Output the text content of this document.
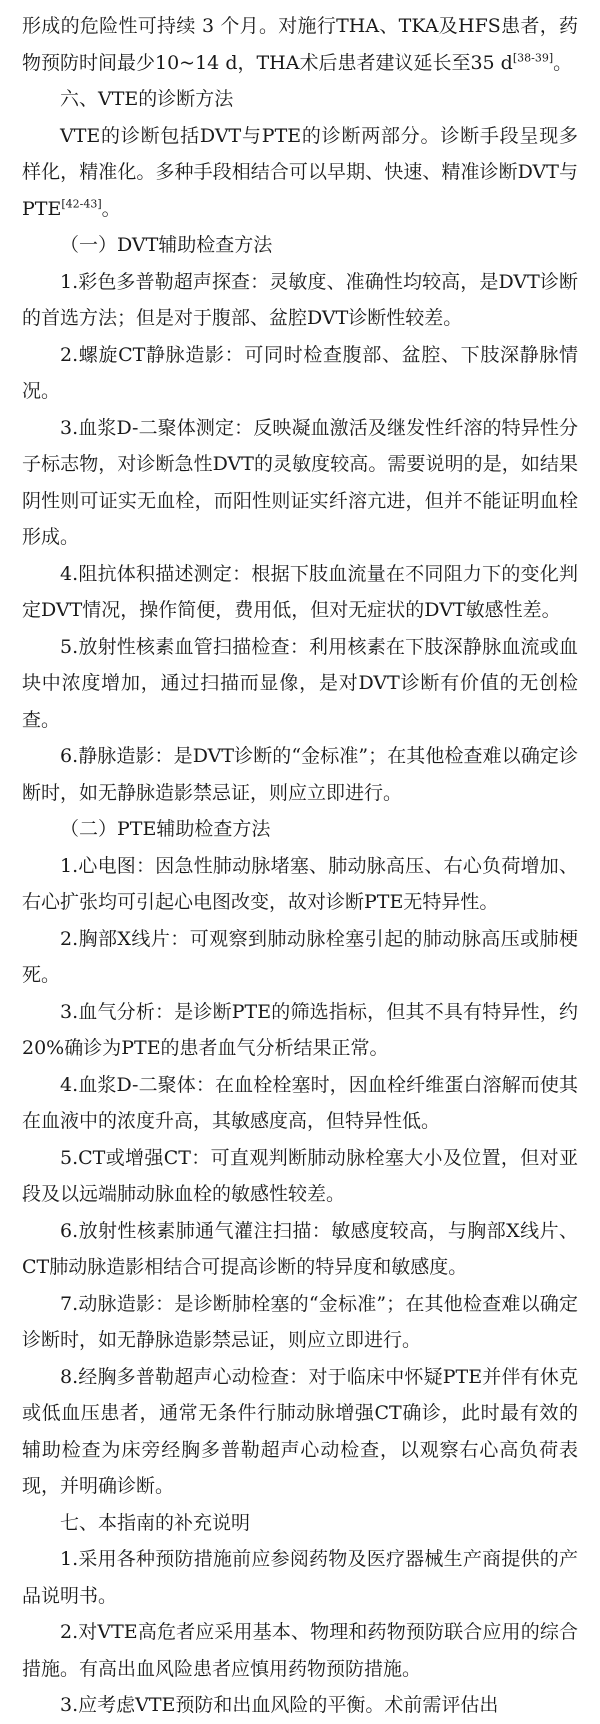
形成的危险性可持续 3 个月。对施行THA、TKA及HFS患者，药物预防时间最少10~14 d，THA术后患者建议延长至35 d[38-39]。

六、VTE的诊断方法

VTE的诊断包括DVT与PTE的诊断两部分。诊断手段呈现多样化，精准化。多种手段相结合可以早期、快速、精准诊断DVT与PTE[42-43]。

（一）DVT辅助检查方法

1.彩色多普勒超声探查：灵敏度、准确性均较高，是DVT诊断的首选方法；但是对于腹部、盆腔DVT诊断性较差。

2.螺旋CT静脉造影：可同时检查腹部、盆腔、下肢深静脉情况。

3.血浆D-二聚体测定：反映凝血激活及继发性纤溶的特异性分子标志物，对诊断急性DVT的灵敏度较高。需要说明的是，如结果阴性则可证实无血栓，而阳性则证实纤溶亢进，但并不能证明血栓形成。

4.阻抗体积描述测定：根据下肢血流量在不同阻力下的变化判定DVT情况，操作简便，费用低，但对无症状的DVT敏感性差。

5.放射性核素血管扫描检查：利用核素在下肢深静脉血流或血块中浓度增加，通过扫描而显像，是对DVT诊断有价值的无创检查。

6.静脉造影：是DVT诊断的“金标准”；在其他检查难以确定诊断时，如无静脉造影禁忌证，则应立即进行。

（二）PTE辅助检查方法

1.心电图：因急性肺动脉堵塞、肺动脉高压、右心负荷增加、右心扩张均可引起心电图改变，故对诊断PTE无特异性。

2.胸部X线片：可观察到肺动脉栓塞引起的肺动脉高压或肺梗死。

3.血气分析：是诊断PTE的筛选指标，但其不具有特异性，约20%确诊为PTE的患者血气分析结果正常。

4.血浆D-二聚体：在血栓栓塞时，因血栓纤维蛋白溶解而使其在血液中的浓度升高，其敏感度高，但特异性低。

5.CT或增强CT：可直观判断肺动脉栓塞大小及位置，但对亚段及以远端肺动脉血栓的敏感性较差。

6.放射性核素肺通气灌注扫描：敏感度较高，与胸部X线片、CT肺动脉造影相结合可提高诊断的特异度和敏感度。

7.动脉造影：是诊断肺栓塞的“金标准”；在其他检查难以确定诊断时，如无静脉造影禁忌证，则应立即进行。

8.经胸多普勒超声心动检查：对于临床中怀疑PTE并伴有休克或低血压患者，通常无条件行肺动脉增强CT确诊，此时最有效的辅助检查为床旁经胸多普勒超声心动检查，以观察右心高负荷表现，并明确诊断。

七、本指南的补充说明

1.采用各种预防措施前应参阅药物及医疗器械生产商提供的产品说明书。

2.对VTE高危者应采用基本、物理和药物预防联合应用的综合措施。有高出血风险患者应慎用药物预防措施。

3.应考虑VTE预防和出血风险的平衡。术前需评估出
